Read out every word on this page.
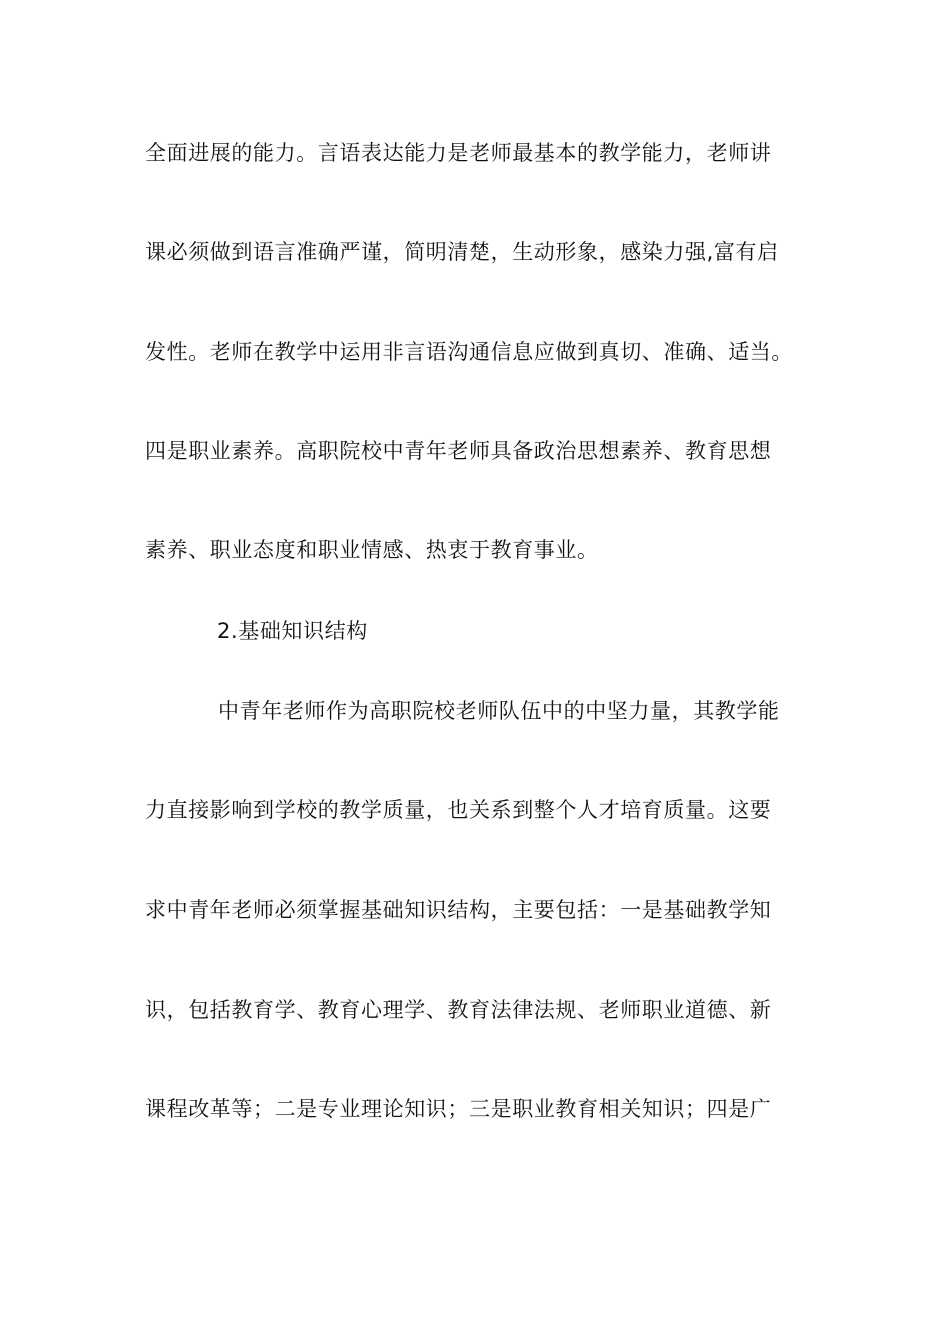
全面进展的能力。言语表达能力是老师最基本的教学能力，老师讲
课必须做到语言准确严谨，简明清楚，生动形象，感染力强,富有启
发性。老师在教学中运用非言语沟通信息应做到真切、准确、适当。
四是职业素养。高职院校中青年老师具备政治思想素养、教育思想
素养、职业态度和职业情感、热衷于教育事业。
2.基础知识结构
中青年老师作为高职院校老师队伍中的中坚力量，其教学能
力直接影响到学校的教学质量，也关系到整个人才培育质量。这要
求中青年老师必须掌握基础知识结构，主要包括：一是基础教学知
识，包括教育学、教育心理学、教育法律法规、老师职业道德、新
课程改革等；二是专业理论知识；三是职业教育相关知识；四是广
